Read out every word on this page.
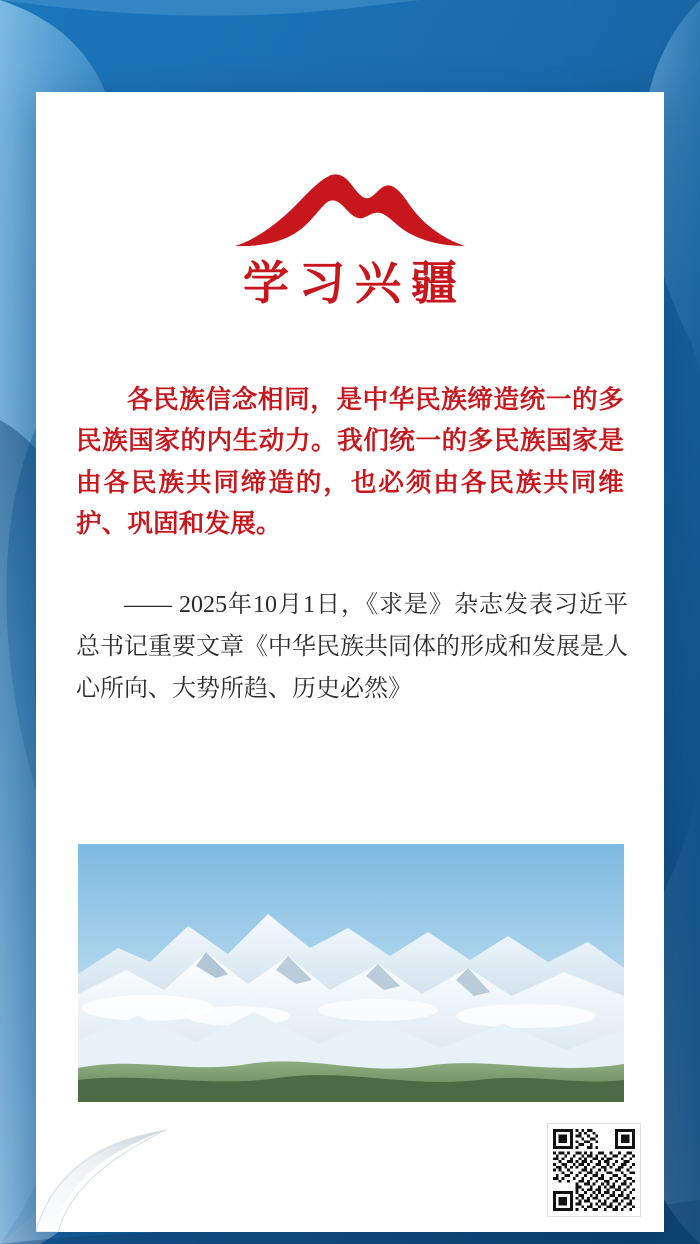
学习兴疆
各民族信念相同，是中华民族缔造统一的多民族国家的内生动力。我们统一的多民族国家是由各民族共同缔造的，也必须由各民族共同维护、巩固和发展。
—— 2025年10月1日，《求是》杂志发表习近平总书记重要文章《中华民族共同体的形成和发展是人心所向、大势所趋、历史必然》
